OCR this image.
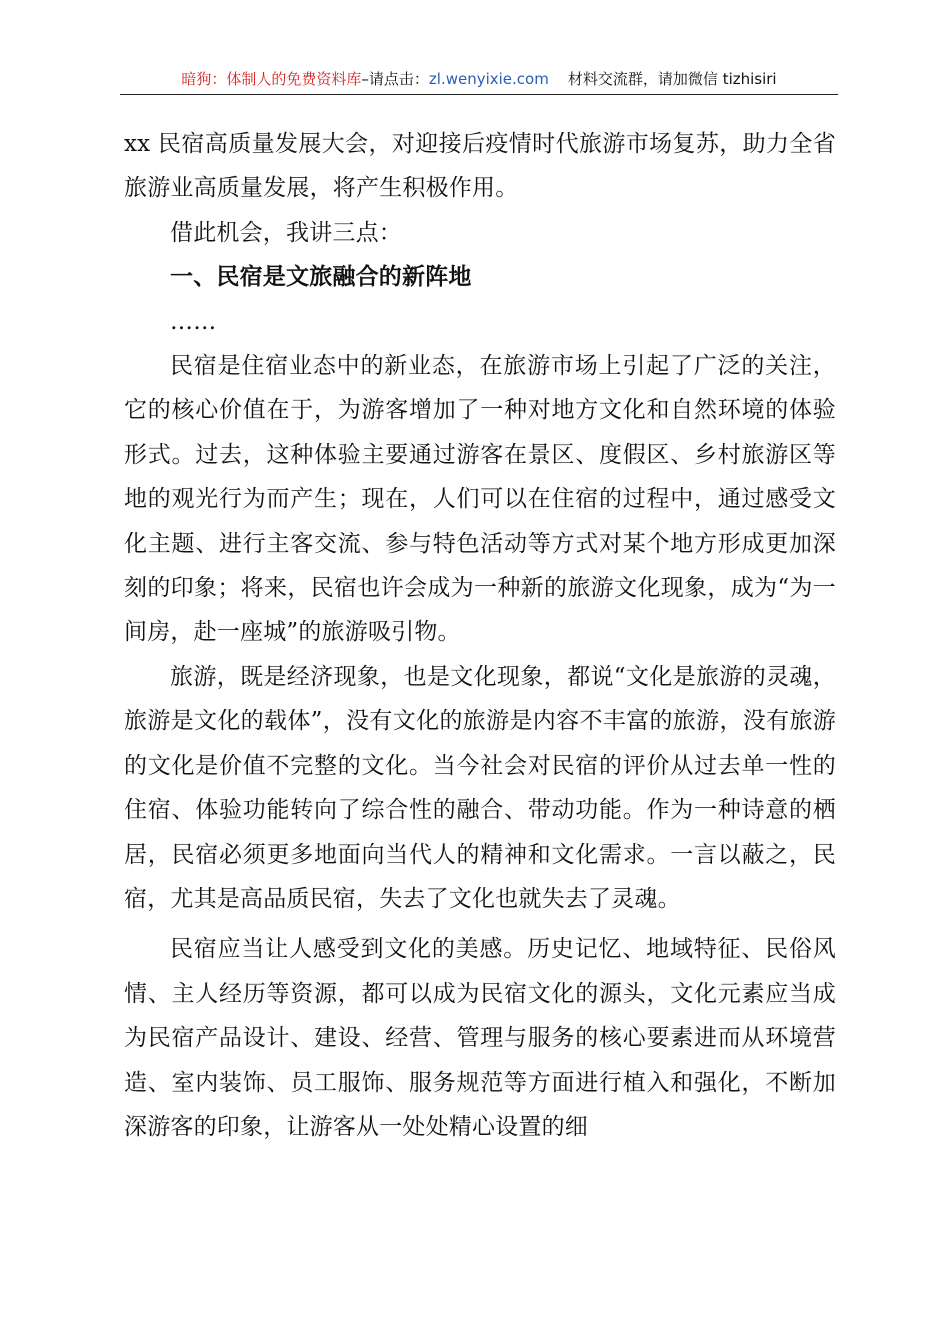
暗狗：体制人的免费资料库–请点击：zl.wenyixie.com 材料交流群，请加微信 tizhisiri

xx 民宿高质量发展大会，对迎接后疫情时代旅游市场复苏，助力全省旅游业高质量发展，将产生积极作用。

借此机会，我讲三点：

一、民宿是文旅融合的新阵地

……

民宿是住宿业态中的新业态，在旅游市场上引起了广泛的关注，它的核心价值在于，为游客增加了一种对地方文化和自然环境的体验形式。过去，这种体验主要通过游客在景区、度假区、乡村旅游区等地的观光行为而产生；现在，人们可以在住宿的过程中，通过感受文化主题、进行主客交流、参与特色活动等方式对某个地方形成更加深刻的印象；将来，民宿也许会成为一种新的旅游文化现象，成为“为一间房，赴一座城”的旅游吸引物。

旅游，既是经济现象，也是文化现象，都说“文化是旅游的灵魂，旅游是文化的载体”，没有文化的旅游是内容不丰富的旅游，没有旅游的文化是价值不完整的文化。当今社会对民宿的评价从过去单一性的住宿、体验功能转向了综合性的融合、带动功能。作为一种诗意的栖居，民宿必须更多地面向当代人的精神和文化需求。一言以蔽之，民宿，尤其是高品质民宿，失去了文化也就失去了灵魂。

民宿应当让人感受到文化的美感。历史记忆、地域特征、民俗风情、主人经历等资源，都可以成为民宿文化的源头，文化元素应当成为民宿产品设计、建设、经营、管理与服务的核心要素进而从环境营造、室内装饰、员工服饰、服务规范等方面进行植入和强化，不断加深游客的印象，让游客从一处处精心设置的细
